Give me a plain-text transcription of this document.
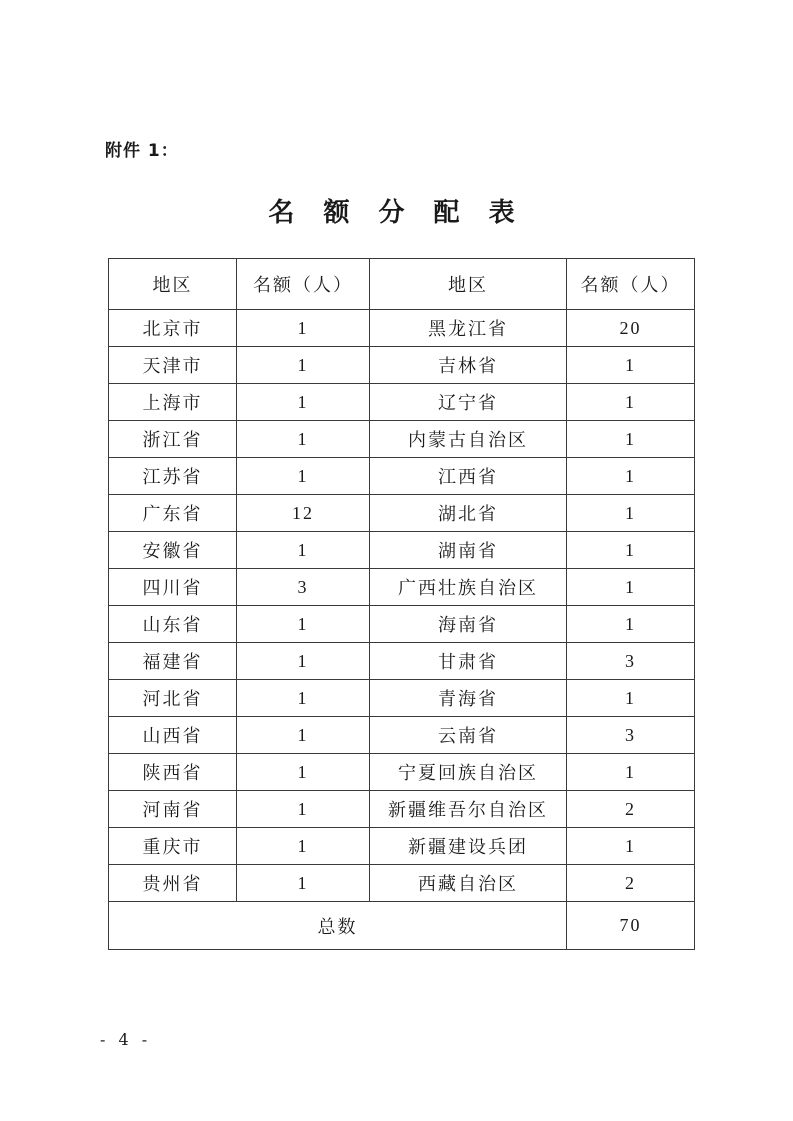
附件 1：
名 额 分 配 表
地区	名额（人）	地区	名额（人）
北京市	1	黑龙江省	20
天津市	1	吉林省	1
上海市	1	辽宁省	1
浙江省	1	内蒙古自治区	1
江苏省	1	江西省	1
广东省	12	湖北省	1
安徽省	1	湖南省	1
四川省	3	广西壮族自治区	1
山东省	1	海南省	1
福建省	1	甘肃省	3
河北省	1	青海省	1
山西省	1	云南省	3
陕西省	1	宁夏回族自治区	1
河南省	1	新疆维吾尔自治区	2
重庆市	1	新疆建设兵团	1
贵州省	1	西藏自治区	2
总数			70
- 4 -
